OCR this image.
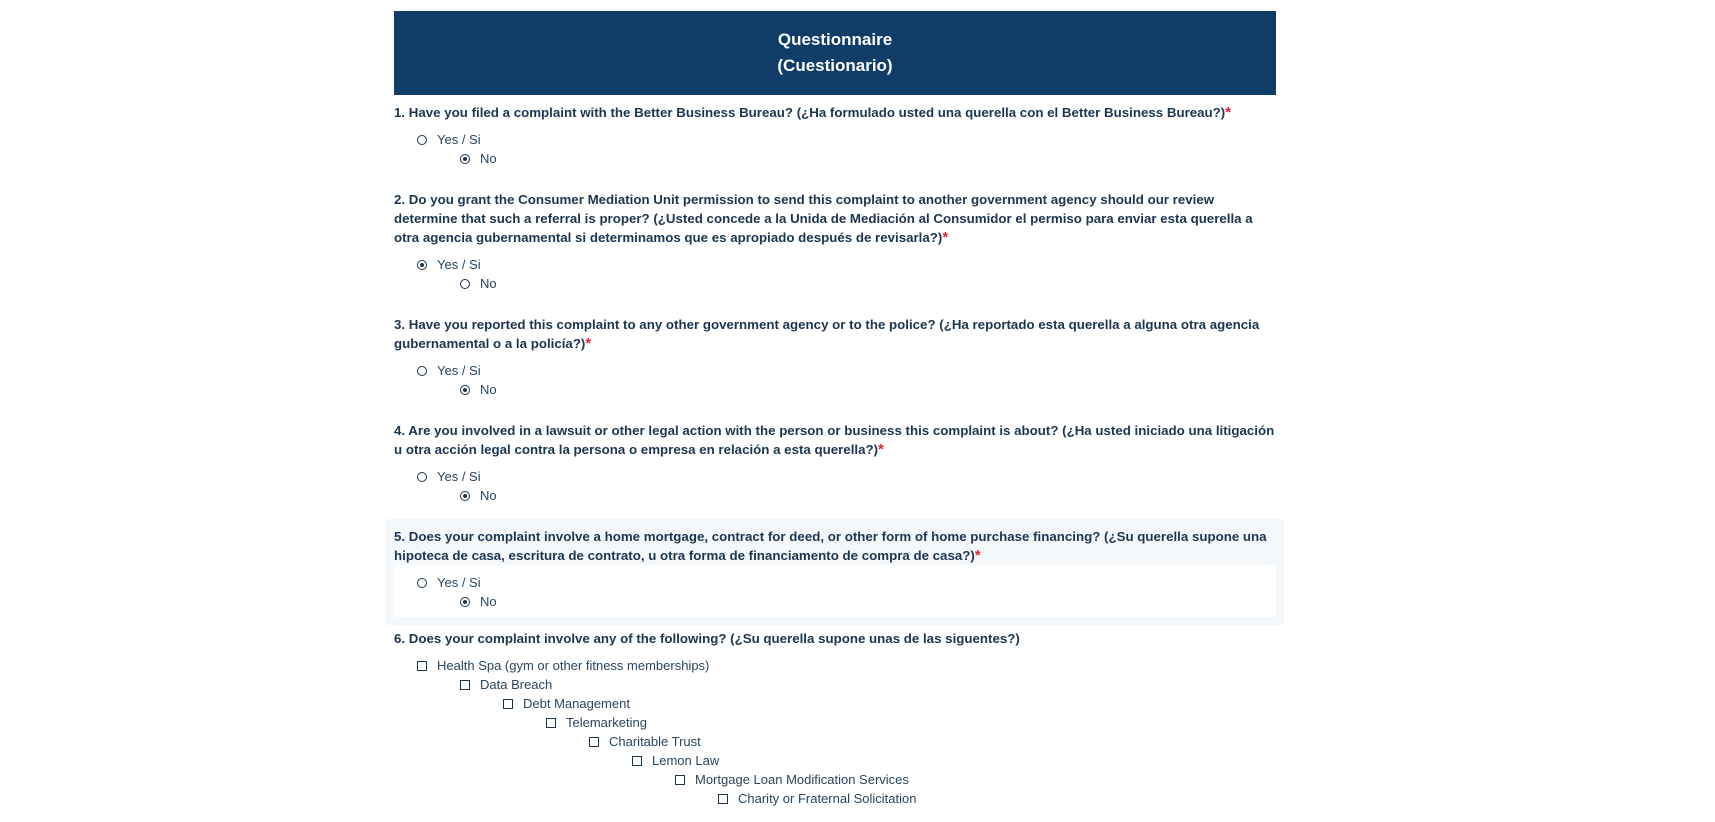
Questionnaire
(Cuestionario)
1. Have you filed a complaint with the Better Business Bureau? (¿Ha formulado usted una querella con el Better Business Bureau?)*
Yes / Si
No
2. Do you grant the Consumer Mediation Unit permission to send this complaint to another government agency should our review determine that such a referral is proper? (¿Usted concede a la Unida de Mediación al Consumidor el permiso para enviar esta querella a otra agencia gubernamental si determinamos que es apropiado después de revisarla?)*
Yes / Si
No
3. Have you reported this complaint to any other government agency or to the police? (¿Ha reportado esta querella a alguna otra agencia gubernamental o a la policía?)*
Yes / Si
No
4. Are you involved in a lawsuit or other legal action with the person or business this complaint is about? (¿Ha usted iniciado una litigación u otra acción legal contra la persona o empresa en relación a esta querella?)*
Yes / Si
No
5. Does your complaint involve a home mortgage, contract for deed, or other form of home purchase financing? (¿Su querella supone una hipoteca de casa, escritura de contrato, u otra forma de financiamento de compra de casa?)*
Yes / Si
No
6. Does your complaint involve any of the following? (¿Su querella supone unas de las siguentes?)
Health Spa (gym or other fitness memberships)
Data Breach
Debt Management
Telemarketing
Charitable Trust
Lemon Law
Mortgage Loan Modification Services
Charity or Fraternal Solicitation
